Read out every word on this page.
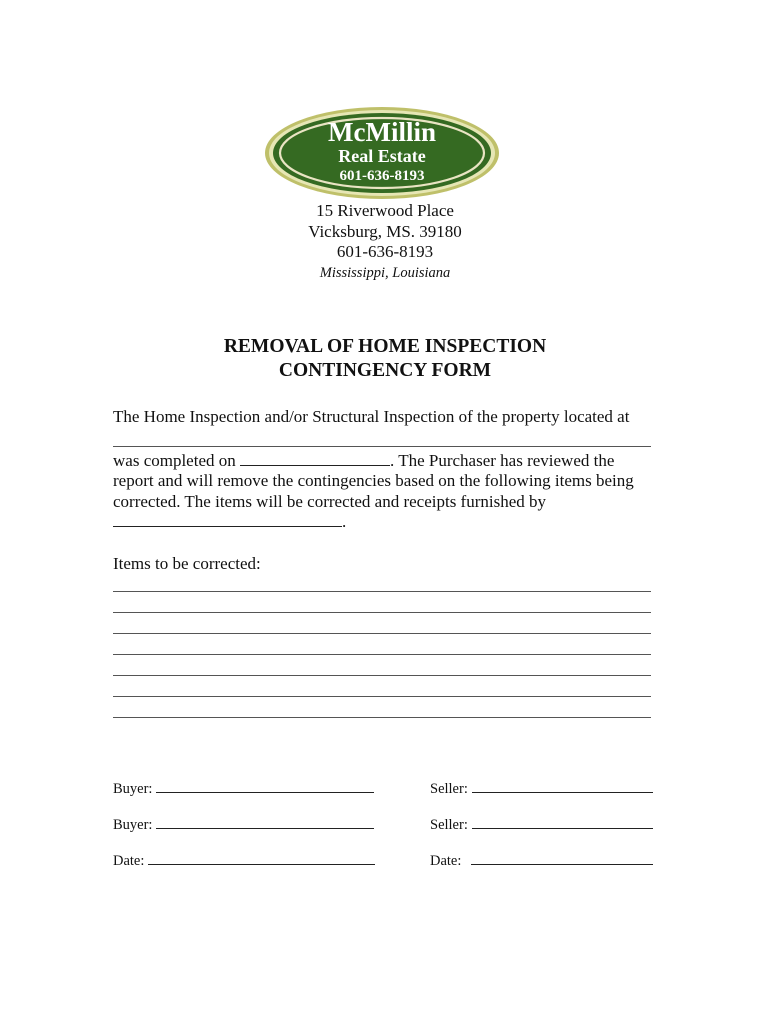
McMillin
Real Estate
601-636-8193
15 Riverwood Place
Vicksburg, MS. 39180
601-636-8193
Mississippi, Louisiana
REMOVAL OF HOME INSPECTION
CONTINGENCY FORM
The Home Inspection and/or Structural Inspection of the property located at
was completed on	. The Purchaser has reviewed the
report and will remove the contingencies based on the following items being
corrected. The items will be corrected and receipts furnished by
.
Items to be corrected:
Buyer:	Seller:
Buyer:	Seller:
Date:	Date:
